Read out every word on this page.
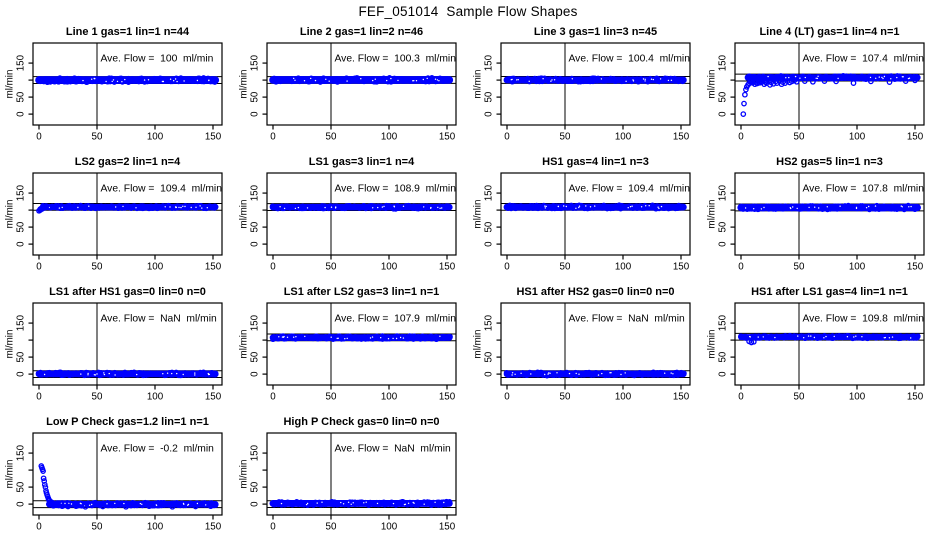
FEF_051014  Sample Flow Shapes
Line 1 gas=1 lin=1 n=44
Ave. Flow =  100  ml/min
0	50	100	150
0
50
150
ml/min
Line 2 gas=1 lin=2 n=46
Ave. Flow =  100.3  ml/min
0	50	100	150
0
50
150
ml/min
Line 3 gas=1 lin=3 n=45
Ave. Flow =  100.4  ml/min
0	50	100	150
0
50
150
ml/min
Line 4 (LT) gas=1 lin=4 n=1
Ave. Flow =  107.4  ml/min
0	50	100	150
0
50
150
ml/min
LS2 gas=2 lin=1 n=4
Ave. Flow =  109.4  ml/min
0	50	100	150
0
50
150
ml/min
LS1 gas=3 lin=1 n=4
Ave. Flow =  108.9  ml/min
0	50	100	150
0
50
150
ml/min
HS1 gas=4 lin=1 n=3
Ave. Flow =  109.4  ml/min
0	50	100	150
0
50
150
ml/min
HS2 gas=5 lin=1 n=3
Ave. Flow =  107.8  ml/min
0	50	100	150
0
50
150
ml/min
LS1 after HS1 gas=0 lin=0 n=0
Ave. Flow =  NaN  ml/min
0	50	100	150
0
50
150
ml/min
LS1 after LS2 gas=3 lin=1 n=1
Ave. Flow =  107.9  ml/min
0	50	100	150
0
50
150
ml/min
HS1 after HS2 gas=0 lin=0 n=0
Ave. Flow =  NaN  ml/min
0	50	100	150
0
50
150
ml/min
HS1 after LS1 gas=4 lin=1 n=1
Ave. Flow =  109.8  ml/min
0	50	100	150
0
50
150
ml/min
Low P Check gas=1.2 lin=1 n=1
Ave. Flow =  -0.2  ml/min
0	50	100	150
0
50
150
ml/min
High P Check gas=0 lin=0 n=0
Ave. Flow =  NaN  ml/min
0	50	100	150
0
50
150
ml/min
